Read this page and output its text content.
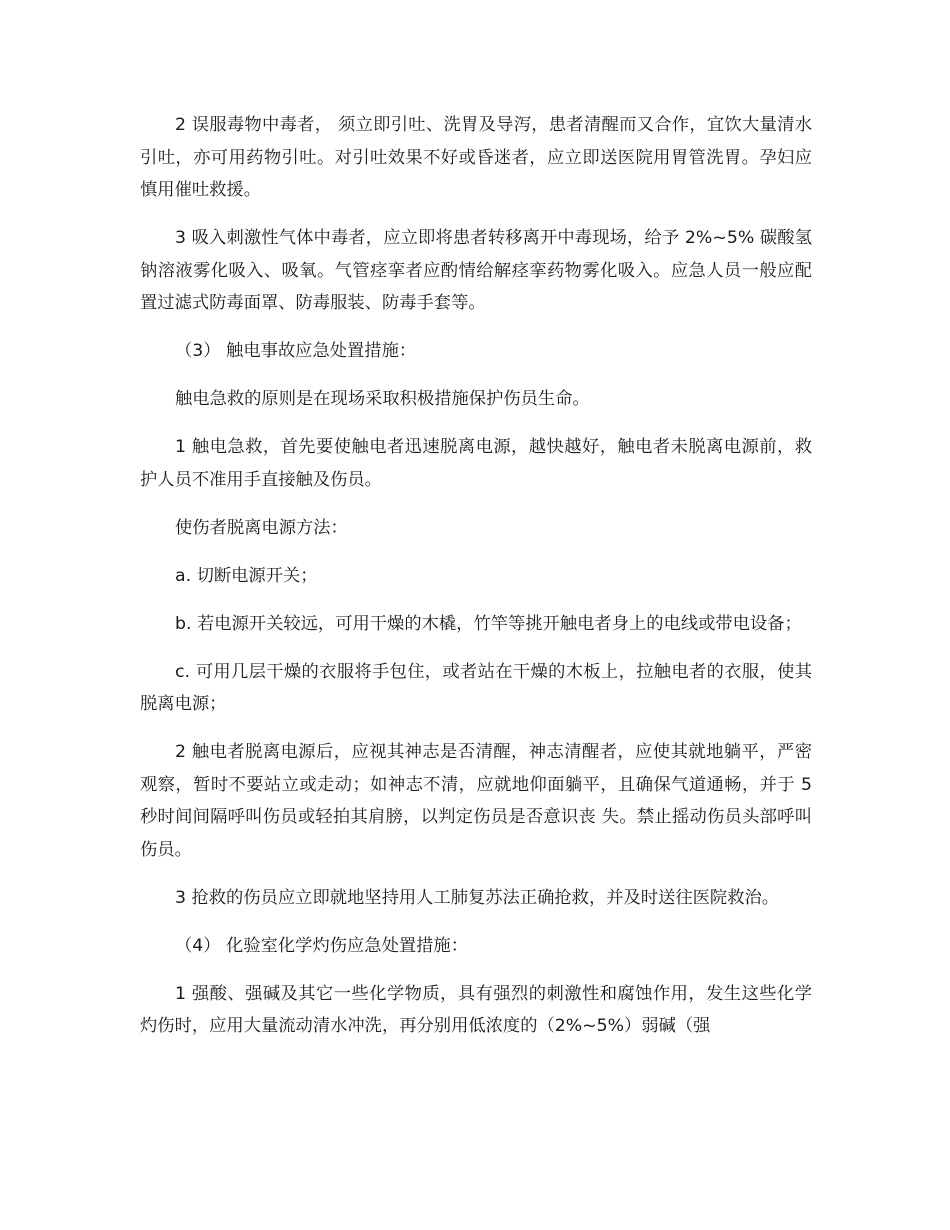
2 误服毒物中毒者， 须立即引吐、洗胃及导泻，患者清醒而又合作，宜饮大量清水引吐，亦可用药物引吐。对引吐效果不好或昏迷者，应立即送医院用胃管洗胃。孕妇应慎用催吐救援。

3 吸入刺激性气体中毒者，应立即将患者转移离开中毒现场，给予 2%~5% 碳酸氢钠溶液雾化吸入、吸氧。气管痉挛者应酌情给解痉挛药物雾化吸入。应急人员一般应配置过滤式防毒面罩、防毒服装、防毒手套等。

（3） 触电事故应急处置措施：

触电急救的原则是在现场采取积极措施保护伤员生命。

1 触电急救，首先要使触电者迅速脱离电源，越快越好，触电者未脱离电源前，救护人员不准用手直接触及伤员。

使伤者脱离电源方法：

a. 切断电源开关；

b. 若电源开关较远，可用干燥的木橇，竹竿等挑开触电者身上的电线或带电设备；

c. 可用几层干燥的衣服将手包住，或者站在干燥的木板上，拉触电者的衣服，使其脱离电源；

2 触电者脱离电源后，应视其神志是否清醒，神志清醒者，应使其就地躺平，严密观察，暂时不要站立或走动；如神志不清，应就地仰面躺平，且确保气道通畅，并于 5 秒时间间隔呼叫伤员或轻拍其肩膀，以判定伤员是否意识丧 失。禁止摇动伤员头部呼叫伤员。

3 抢救的伤员应立即就地坚持用人工肺复苏法正确抢救，并及时送往医院救治。

（4） 化验室化学灼伤应急处置措施：

1 强酸、强碱及其它一些化学物质，具有强烈的刺激性和腐蚀作用，发生这些化学灼伤时，应用大量流动清水冲洗，再分别用低浓度的（2%~5%）弱碱（强
